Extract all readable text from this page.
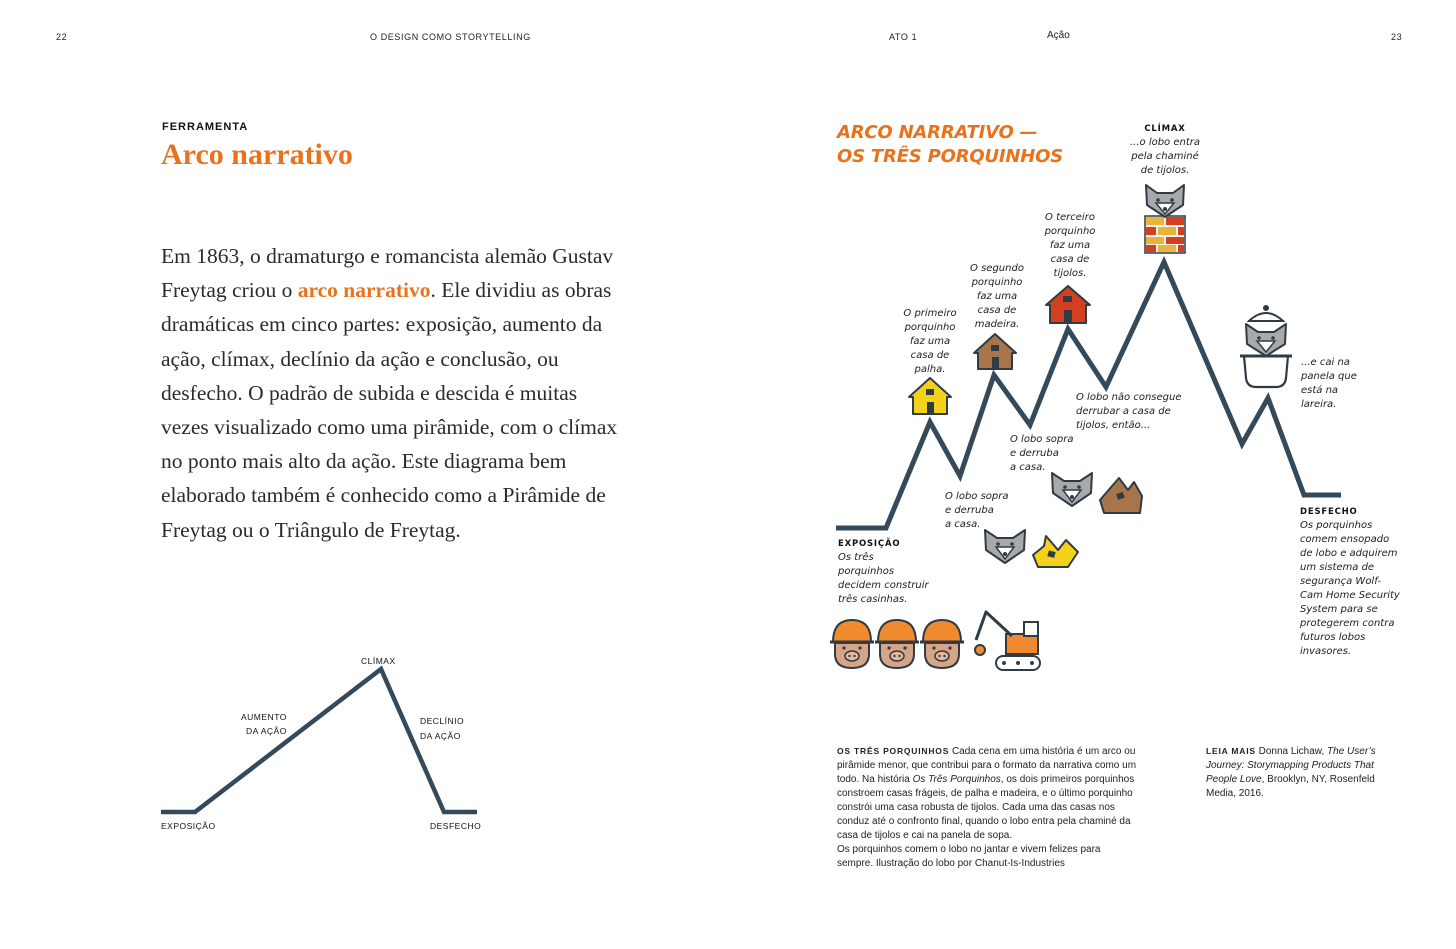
22	O DESIGN COMO STORYTELLING
FERRAMENTA
Arco narrativo
Em 1863, o dramaturgo e romancista alemão Gustav Freytag criou o arco narrativo. Ele dividiu as obras dramáticas em cinco partes: exposição, aumento da ação, clímax, declínio da ação e conclusão, ou desfecho. O padrão de subida e descida é muitas vezes visualizado como uma pirâmide, com o clímax no ponto mais alto da ação. Este diagrama bem elaborado também é conhecido como a Pirâmide de Freytag ou o Triângulo de Freytag.
CLÍMAX
AUMENTO
DA AÇÃO
DECLÍNIO
DA AÇÃO
EXPOSIÇÃO	DESFECHO
ATO 1	Ação	23
ARCO NARRATIVO —
OS TRÊS PORQUINHOS
CLÍMAX
...o lobo entra
pela chaminé
de tijolos.
O terceiro
porquinho
faz uma
casa de
tijolos.
O segundo
porquinho
faz uma
casa de
madeira.
O primeiro
porquinho
faz uma
casa de
palha.
...e cai na
panela que
está na
lareira.
O lobo não consegue
derrubar a casa de
tijolos, então...
O lobo sopra
e derruba
a casa.
O lobo sopra
e derruba
a casa.
EXPOSIÇÃO
Os três
porquinhos
decidem construir
três casinhas.
DESFECHO
Os porquinhos
comem ensopado
de lobo e adquirem
um sistema de
segurança Wolf-
Cam Home Security
System para se
protegerem contra
futuros lobos
invasores.
OS TRÊS PORQUINHOS Cada cena em uma história é um arco ou pirâmide menor, que contribui para o formato da narrativa como um todo. Na história Os Três Porquinhos, os dois primeiros porquinhos constroem casas frágeis, de palha e madeira, e o último porquinho constrói uma casa robusta de tijolos. Cada uma das casas nos conduz até o confronto final, quando o lobo entra pela chaminé da casa de tijolos e cai na panela de sopa.
Os porquinhos comem o lobo no jantar e vivem felizes para sempre. Ilustração do lobo por Chanut-Is-Industries
LEIA MAIS Donna Lichaw, The User’s Journey: Storymapping Products That People Love, Brooklyn, NY, Rosenfeld Media, 2016.
